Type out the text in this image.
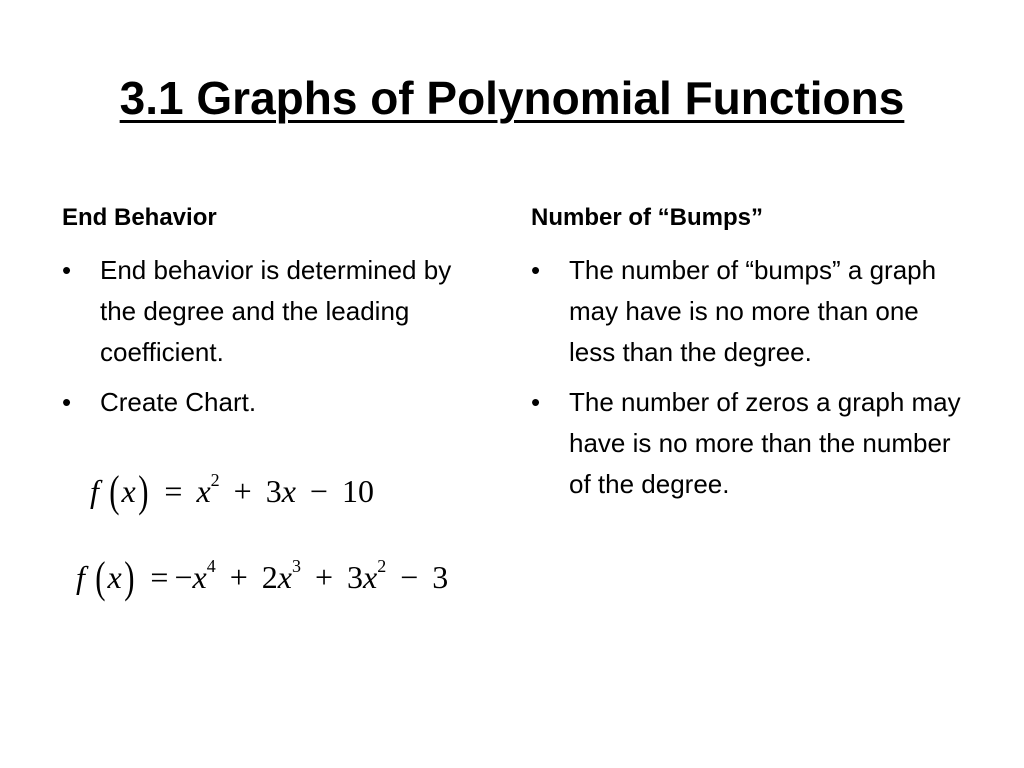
3.1 Graphs of Polynomial Functions
End Behavior
•	End behavior is determined by the degree and the leading coefficient.
•	Create Chart.
Number of “Bumps”
•	The number of “bumps” a graph may have is no more than one less than the degree.
•	The number of zeros a graph may have is no more than the number of the degree.
f $(x) = x^2 + 3x - 10$
f $(x) = -x^4 + 2x^3 + 3x^2 - 3$
